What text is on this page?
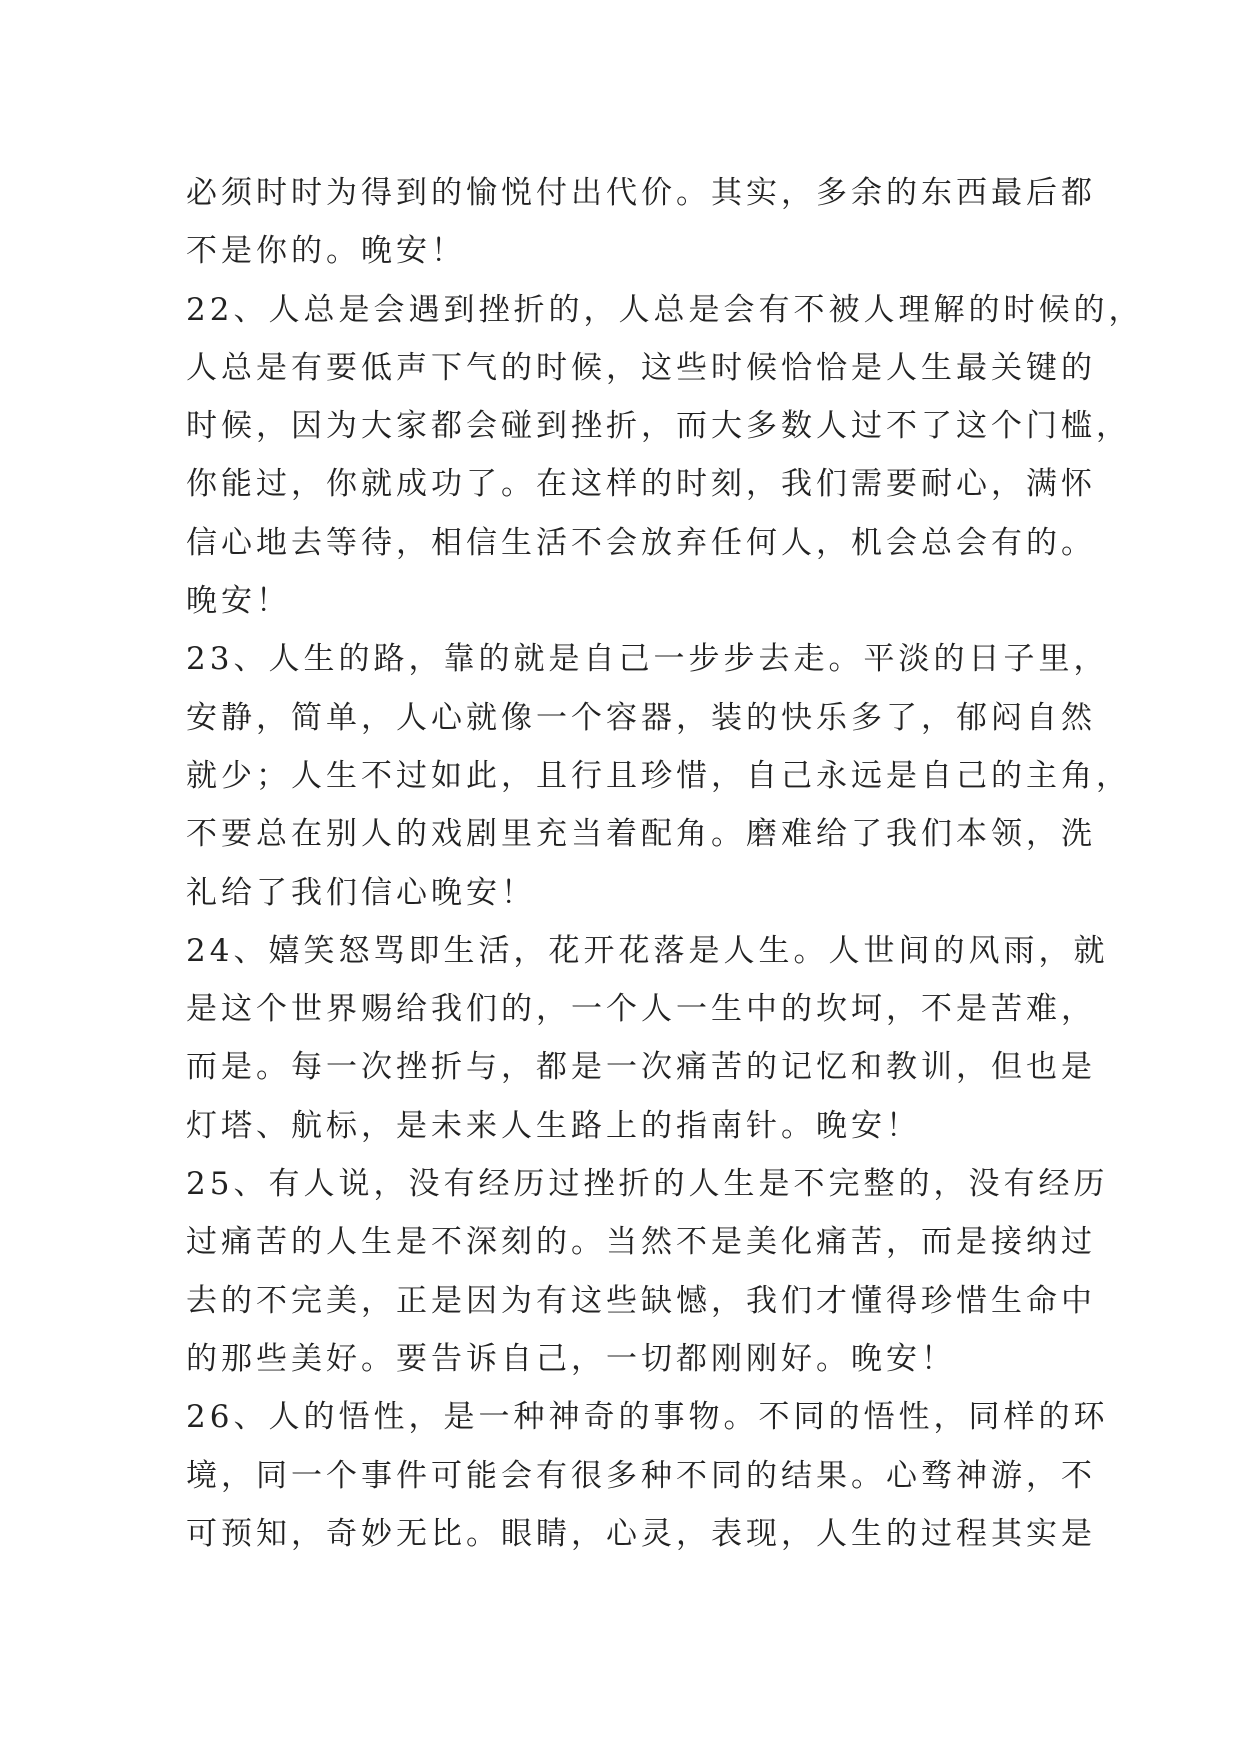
必须时时为得到的愉悦付出代价。其实，多余的东西最后都
不是你的。晚安！
22、人总是会遇到挫折的，人总是会有不被人理解的时候的，
人总是有要低声下气的时候，这些时候恰恰是人生最关键的
时候，因为大家都会碰到挫折，而大多数人过不了这个门槛，
你能过，你就成功了。在这样的时刻，我们需要耐心，满怀
信心地去等待，相信生活不会放弃任何人，机会总会有的。
晚安！
23、人生的路，靠的就是自己一步步去走。平淡的日子里，
安静，简单，人心就像一个容器，装的快乐多了，郁闷自然
就少；人生不过如此，且行且珍惜，自己永远是自己的主角，
不要总在别人的戏剧里充当着配角。磨难给了我们本领，洗
礼给了我们信心晚安！
24、嬉笑怒骂即生活，花开花落是人生。人世间的风雨，就
是这个世界赐给我们的，一个人一生中的坎坷，不是苦难，
而是。每一次挫折与，都是一次痛苦的记忆和教训，但也是
灯塔、航标，是未来人生路上的指南针。晚安！
25、有人说，没有经历过挫折的人生是不完整的，没有经历
过痛苦的人生是不深刻的。当然不是美化痛苦，而是接纳过
去的不完美，正是因为有这些缺憾，我们才懂得珍惜生命中
的那些美好。要告诉自己，一切都刚刚好。晚安！
26、人的悟性，是一种神奇的事物。不同的悟性，同样的环
境，同一个事件可能会有很多种不同的结果。心骛神游，不
可预知，奇妙无比。眼睛，心灵，表现，人生的过程其实是
